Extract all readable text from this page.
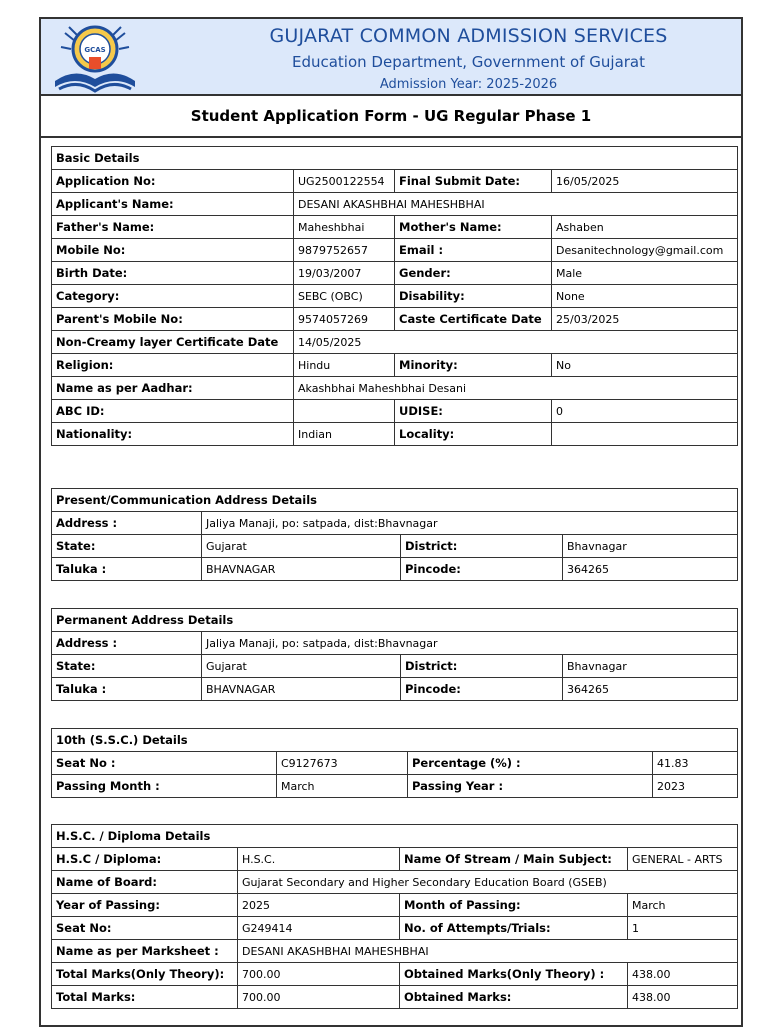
GCAS
GUJARAT COMMON ADMISSION SERVICES
Education Department, Government of Gujarat
Admission Year: 2025-2026
Student Application Form - UG Regular Phase 1
Basic Details			
Application No:	UG2500122554	Final Submit Date:	16/05/2025
Applicant's Name:	DESANI AKASHBHAI MAHESHBHAI		
Father's Name:	Maheshbhai	Mother's Name:	Ashaben
Mobile No:	9879752657	Email :	Desanitechnology@gmail.com
Birth Date:	19/03/2007	Gender:	Male
Category:	SEBC (OBC)	Disability:	None
Parent's Mobile No:	9574057269	Caste Certificate Date	25/03/2025
Non-Creamy layer Certificate Date	14/05/2025		
Religion:	Hindu	Minority:	No
Name as per Aadhar:	Akashbhai Maheshbhai Desani		
ABC ID:		UDISE:	0
Nationality:	Indian	Locality:	
Present/Communication Address Details			
Address :	Jaliya Manaji, po: satpada, dist:Bhavnagar		
State:	Gujarat	District:	Bhavnagar
Taluka :	BHAVNAGAR	Pincode:	364265
Permanent Address Details			
Address :	Jaliya Manaji, po: satpada, dist:Bhavnagar		
State:	Gujarat	District:	Bhavnagar
Taluka :	BHAVNAGAR	Pincode:	364265
10th (S.S.C.) Details			
Seat No :	C9127673	Percentage (%) :	41.83
Passing Month :	March	Passing Year :	2023
H.S.C. / Diploma Details			
H.S.C / Diploma:	H.S.C.	Name Of Stream / Main Subject:	GENERAL - ARTS
Name of Board:	Gujarat Secondary and Higher Secondary Education Board (GSEB)		
Year of Passing:	2025	Month of Passing:	March
Seat No:	G249414	No. of Attempts/Trials:	1
Name as per Marksheet :	DESANI AKASHBHAI MAHESHBHAI		
Total Marks(Only Theory):	700.00	Obtained Marks(Only Theory) :	438.00
Total Marks:	700.00	Obtained Marks:	438.00
